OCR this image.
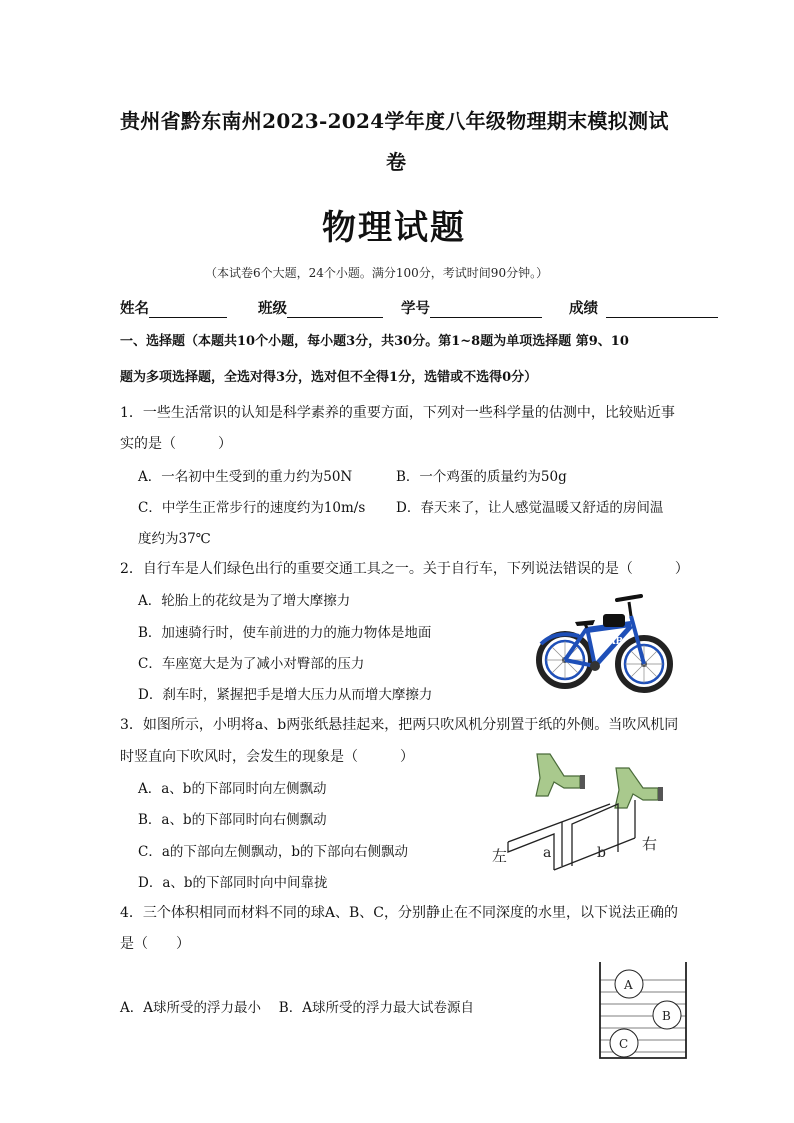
贵州省黔东南州2023-2024学年度八年级物理期末模拟测试
卷
物理试题
（本试卷6个大题，24个小题。满分100分，考试时间90分钟。）
姓名	班级	学号	成绩
一、选择题（本题共10个小题，每小题3分，共30分。第1~8题为单项选择题 第9、10
题为多项选择题，全选对得3分，选对但不全得1分，选错或不选得0分）
1．一些生活常识的认知是科学素养的重要方面，下列对一些科学量的估测中，比较贴近事
实的是（　　　）
A．一名初中生受到的重力约为50N	B．一个鸡蛋的质量约为50g
C．中学生正常步行的速度约为10m/s D．春天来了，让人感觉温暖又舒适的房间温
度约为37℃
2．自行车是人们绿色出行的重要交通工具之一。关于自行车，下列说法错误的是（　　　）
A．轮胎上的花纹是为了增大摩擦力
B．加速骑行时，使车前进的力的施力物体是地面
C．车座宽大是为了减小对臀部的压力
D．刹车时，紧握把手是增大压力从而增大摩擦力
KAB
3．如图所示，小明将a、b两张纸悬挂起来，把两只吹风机分别置于纸的外侧。当吹风机同
时竖直向下吹风时，会发生的现象是（　　　）
A．a、b的下部同时向左侧飘动
B．a、b的下部同时向右侧飘动
C．a的下部向左侧飘动，b的下部向右侧飘动
D．a、b的下部同时向中间靠拢
左
右
a	b
4．三个体积相同而材料不同的球A、B、C，分别静止在不同深度的水里，以下说法正确的
是（　　）
A．A球所受的浮力最小　 B．A球所受的浮力最大试卷源自
A
B
C
